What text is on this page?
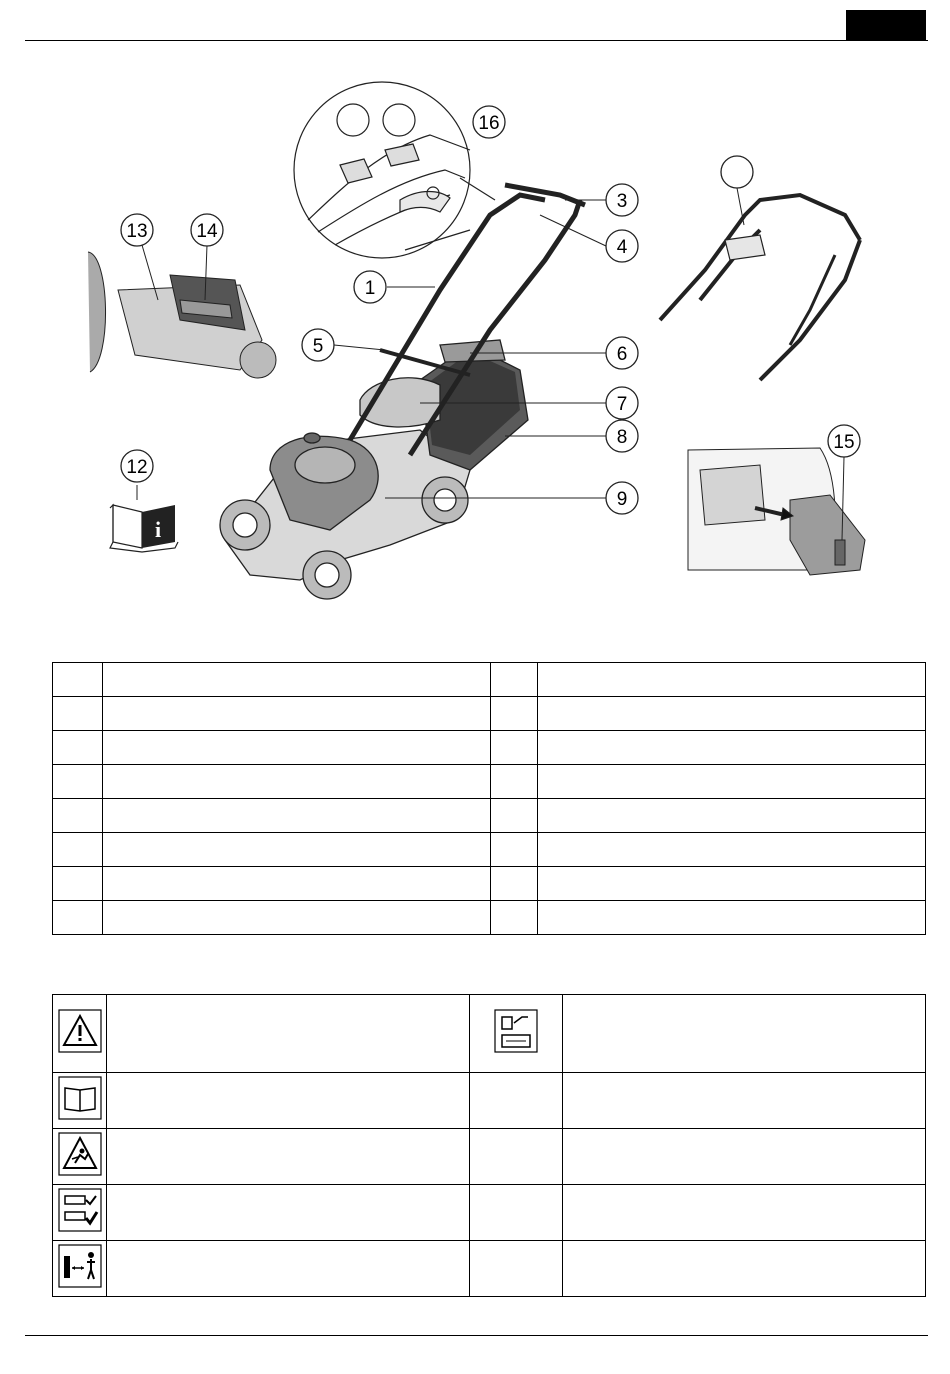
i
1
3
4
5	6
7
8
9
12
13	14
15
16
